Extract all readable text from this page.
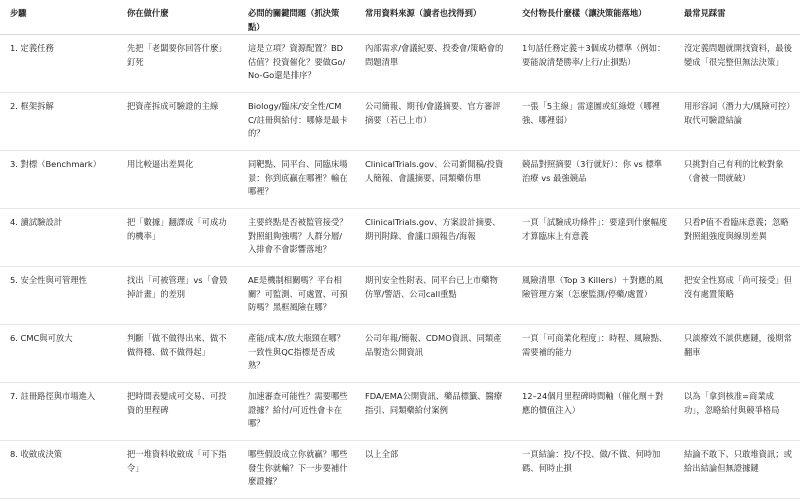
步驟	你在做什麼	必問的關鍵問題（抓決策點）	常用資料來源（讀者也找得到）	交付物長什麼樣（讓決策能落地）	最常見踩雷
1. 定義任務	先把「老闆要你回答什麼」釘死	這是立項？資源配置？BD估值？投資催化？要做Go/No-Go還是排序？	內部需求/會議紀要、投委會/策略會的問題清單	1句話任務定義＋3個成功標準（例如：要能說清楚勝率/上行/止損點）	沒定義問題就開找資料，最後變成「很完整但無法決策」
2. 框架拆解	把資產拆成可驗證的主線	Biology/臨床/安全性/CMC/註冊與給付：哪條是最卡的？	公司簡報、期刊/會議摘要、官方審評摘要（若已上市）	一張「5主線」雷達圖或紅綠燈（哪裡強、哪裡弱）	用形容詞（潛力大/風險可控）取代可驗證結論
3. 對標（Benchmark）	用比較逼出差異化	同靶點、同平台、同臨床場景：你到底贏在哪裡？輸在哪裡？	ClinicalTrials.gov、公司新聞稿/投資人簡報、會議摘要、同類藥仿單	競品對照摘要（3行就好）：你 vs 標準治療 vs 最強競品	只挑對自己有利的比較對象（會被一問就破）
4. 讀試驗設計	把「數據」翻譯成「可成功的機率」	主要終點是否被監管接受？對照組夠強嗎？人群分層/入排會不會影響落地？	ClinicalTrials.gov、方案設計摘要、期刊附錄、會議口頭報告/海報	一頁「試驗成功條件」：要達到什麼幅度才算臨床上有意義	只看P值不看臨床意義；忽略對照組強度與線別差異
5. 安全性與可管理性	找出「可被管理」vs「會毀掉計畫」的差別	AE是機制相關嗎？平台相關？可監測、可處置、可預防嗎？黑框風險在哪？	期刊安全性附表、同平台已上市藥物仿單/警語、公司call重點	風險清單（Top 3 Killers）＋對應的風險管理方案（怎麼監測/停藥/處置）	把安全性寫成「尚可接受」但沒有處置策略
6. CMC與可放大	判斷「做不做得出來、做不做得穩、做不做得起」	產能/成本/放大瓶頸在哪？一致性與QC指標是否成熟？	公司年報/簡報、CDMO資訊、同類產品製造公開資訊	一頁「可商業化程度」：時程、風險點、需要補的能力	只談療效不談供應鏈，後期常翻車
7. 註冊路徑與市場進入	把時間表變成可交易、可投資的里程碑	加速審查可能性？需要哪些證據？給付/可近性會卡在哪？	FDA/EMA公開資訊、藥品標籤、醫療指引、同類藥給付案例	12–24個月里程碑時間軸（催化劑＋對應的價值注入）	以為「拿到核准=商業成功」，忽略給付與競爭格局
8. 收斂成決策	把一堆資料收斂成「可下指令」	哪些假設成立你就贏？哪些發生你就輸？下一步要補什麼證據？	以上全部	一頁結論：投/不投、做/不做、何時加碼、何時止損	結論不敢下、只敢堆資訊；或給出結論但無證據鏈
